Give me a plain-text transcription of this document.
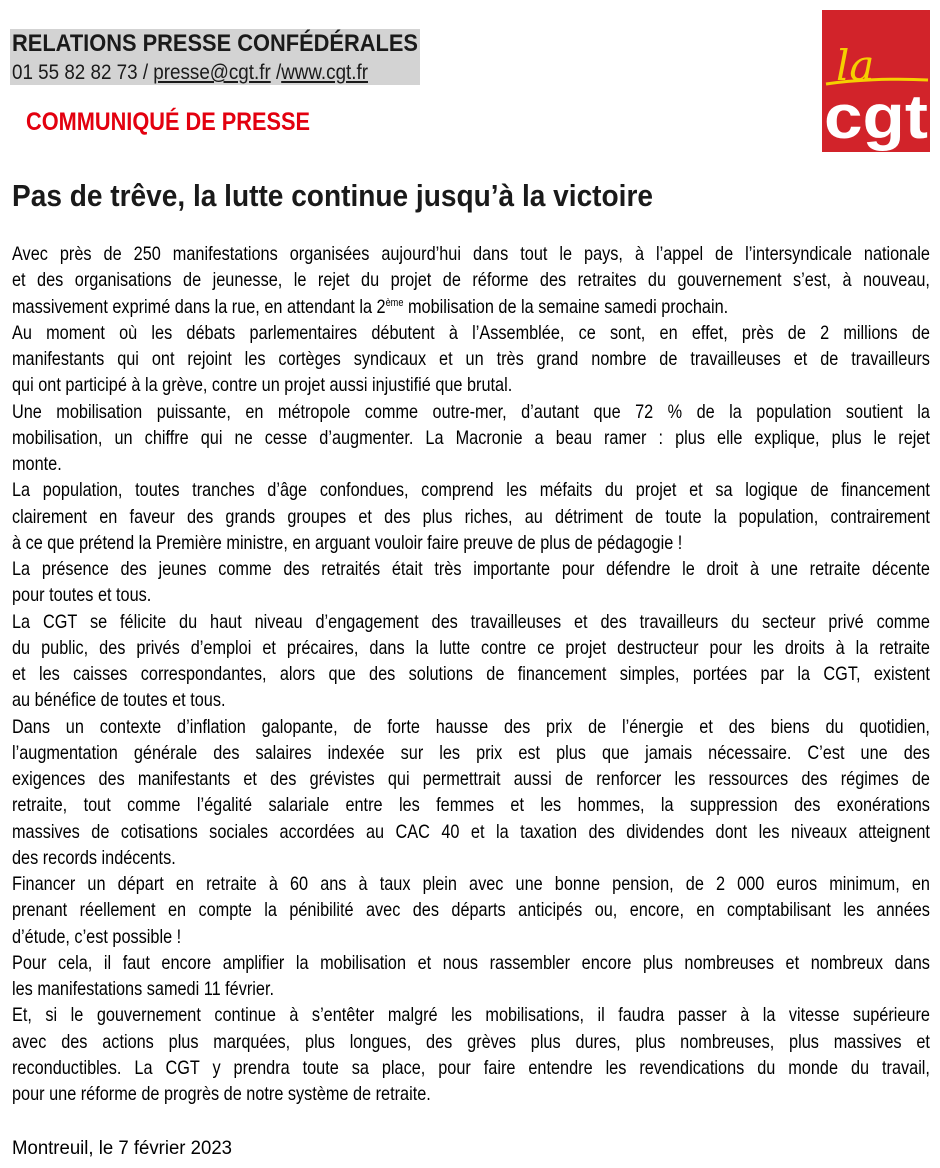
RELATIONS PRESSE CONFÉDÉRALES
01 55 82 82 73 / presse@cgt.fr /www.cgt.fr
COMMUNIQUÉ DE PRESSE
la
cgt
Pas de trêve, la lutte continue jusqu’à la victoire
Avec près de 250 manifestations organisées aujourd’hui dans tout le pays, à l’appel de l’intersyndicale nationale
et des organisations de jeunesse, le rejet du projet de réforme des retraites du gouvernement s’est, à nouveau,
massivement exprimé dans la rue, en attendant la 2ème mobilisation de la semaine samedi prochain.
Au moment où les débats parlementaires débutent à l’Assemblée, ce sont, en effet, près de 2 millions de
manifestants qui ont rejoint les cortèges syndicaux et un très grand nombre de travailleuses et de travailleurs
qui ont participé à la grève, contre un projet aussi injustifié que brutal.
Une mobilisation puissante, en métropole comme outre-mer, d’autant que 72 % de la population soutient la
mobilisation, un chiffre qui ne cesse d’augmenter. La Macronie a beau ramer : plus elle explique, plus le rejet
monte.
La population, toutes tranches d’âge confondues, comprend les méfaits du projet et sa logique de financement
clairement en faveur des grands groupes et des plus riches, au détriment de toute la population, contrairement
à ce que prétend la Première ministre, en arguant vouloir faire preuve de plus de pédagogie !
La présence des jeunes comme des retraités était très importante pour défendre le droit à une retraite décente
pour toutes et tous.
La CGT se félicite du haut niveau d’engagement des travailleuses et des travailleurs du secteur privé comme
du public, des privés d’emploi et précaires, dans la lutte contre ce projet destructeur pour les droits à la retraite
et les caisses correspondantes, alors que des solutions de financement simples, portées par la CGT, existent
au bénéfice de toutes et tous.
Dans un contexte d’inflation galopante, de forte hausse des prix de l’énergie et des biens du quotidien,
l’augmentation générale des salaires indexée sur les prix est plus que jamais nécessaire. C’est une des
exigences des manifestants et des grévistes qui permettrait aussi de renforcer les ressources des régimes de
retraite, tout comme l’égalité salariale entre les femmes et les hommes, la suppression des exonérations
massives de cotisations sociales accordées au CAC 40 et la taxation des dividendes dont les niveaux atteignent
des records indécents.
Financer un départ en retraite à 60 ans à taux plein avec une bonne pension, de 2 000 euros minimum, en
prenant réellement en compte la pénibilité avec des départs anticipés ou, encore, en comptabilisant les années
d’étude, c’est possible !
Pour cela, il faut encore amplifier la mobilisation et nous rassembler encore plus nombreuses et nombreux dans
les manifestations samedi 11 février.
Et, si le gouvernement continue à s’entêter malgré les mobilisations, il faudra passer à la vitesse supérieure
avec des actions plus marquées, plus longues, des grèves plus dures, plus nombreuses, plus massives et
reconductibles. La CGT y prendra toute sa place, pour faire entendre les revendications du monde du travail,
pour une réforme de progrès de notre système de retraite.
Montreuil, le 7 février 2023
